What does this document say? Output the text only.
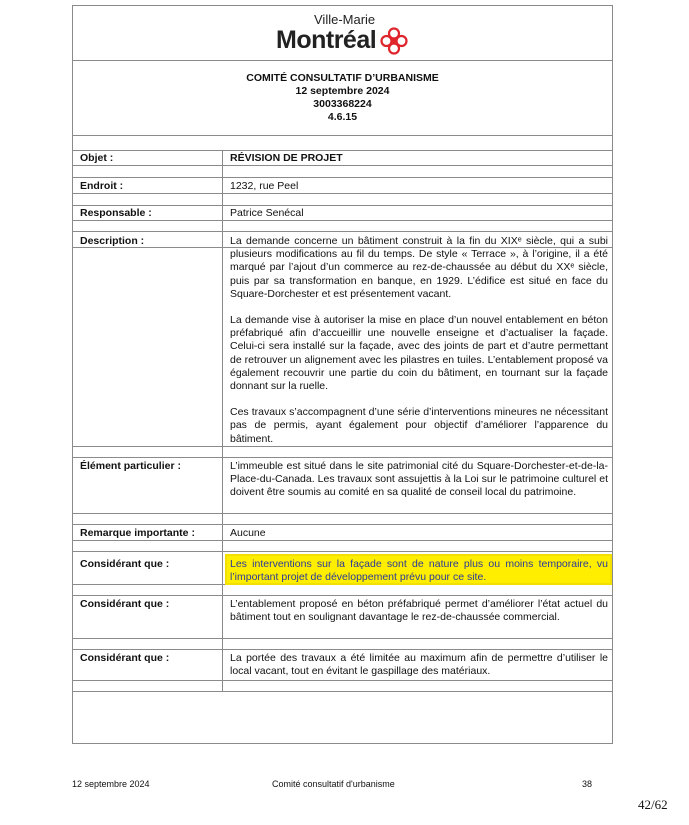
Ville-Marie
Montréal
COMITÉ CONSULTATIF D’URBANISME
12 septembre 2024
3003368224
4.6.15
Objet :	RÉVISION DE PROJET
Endroit :	1232, rue Peel
Responsable :	Patrice Senécal
Description :	La demande concerne un bâtiment construit à la fin du XIXᵉ siècle, qui a subi plusieurs modifications au fil du temps. De style « Terrace », à l’origine, il a été marqué par l’ajout d’un commerce au rez-de-chaussée au début du XXᵉ siècle, puis par sa transformation en banque, en 1929. L’édifice est situé en face du Square-Dorchester et est présentement vacant.

La demande vise à autoriser la mise en place d’un nouvel entablement en béton préfabriqué afin d’accueillir une nouvelle enseigne et d’actualiser la façade. Celui-ci sera installé sur la façade, avec des joints de part et d’autre permettant de retrouver un alignement avec les pilastres en tuiles. L’entablement proposé va également recouvrir une partie du coin du bâtiment, en tournant sur la façade donnant sur la ruelle.

Ces travaux s’accompagnent d’une série d’interventions mineures ne nécessitant pas de permis, ayant également pour objectif d’améliorer l’apparence du bâtiment.

Élément particulier :	L’immeuble est situé dans le site patrimonial cité du Square-Dorchester-et-de-la-Place-du-Canada. Les travaux sont assujettis à la Loi sur le patrimoine culturel et doivent être soumis au comité en sa qualité de conseil local du patrimoine.
Remarque importante :	Aucune
Considérant que :	Les interventions sur la façade sont de nature plus ou moins temporaire, vu l’important projet de développement prévu pour ce site.
Considérant que :	L’entablement proposé en béton préfabriqué permet d’améliorer l’état actuel du bâtiment tout en soulignant davantage le rez-de-chaussée commercial.
Considérant que :	La portée des travaux a été limitée au maximum afin de permettre d’utiliser le local vacant, tout en évitant le gaspillage des matériaux.
12 septembre 2024	Comité consultatif d'urbanisme	38
42/62
